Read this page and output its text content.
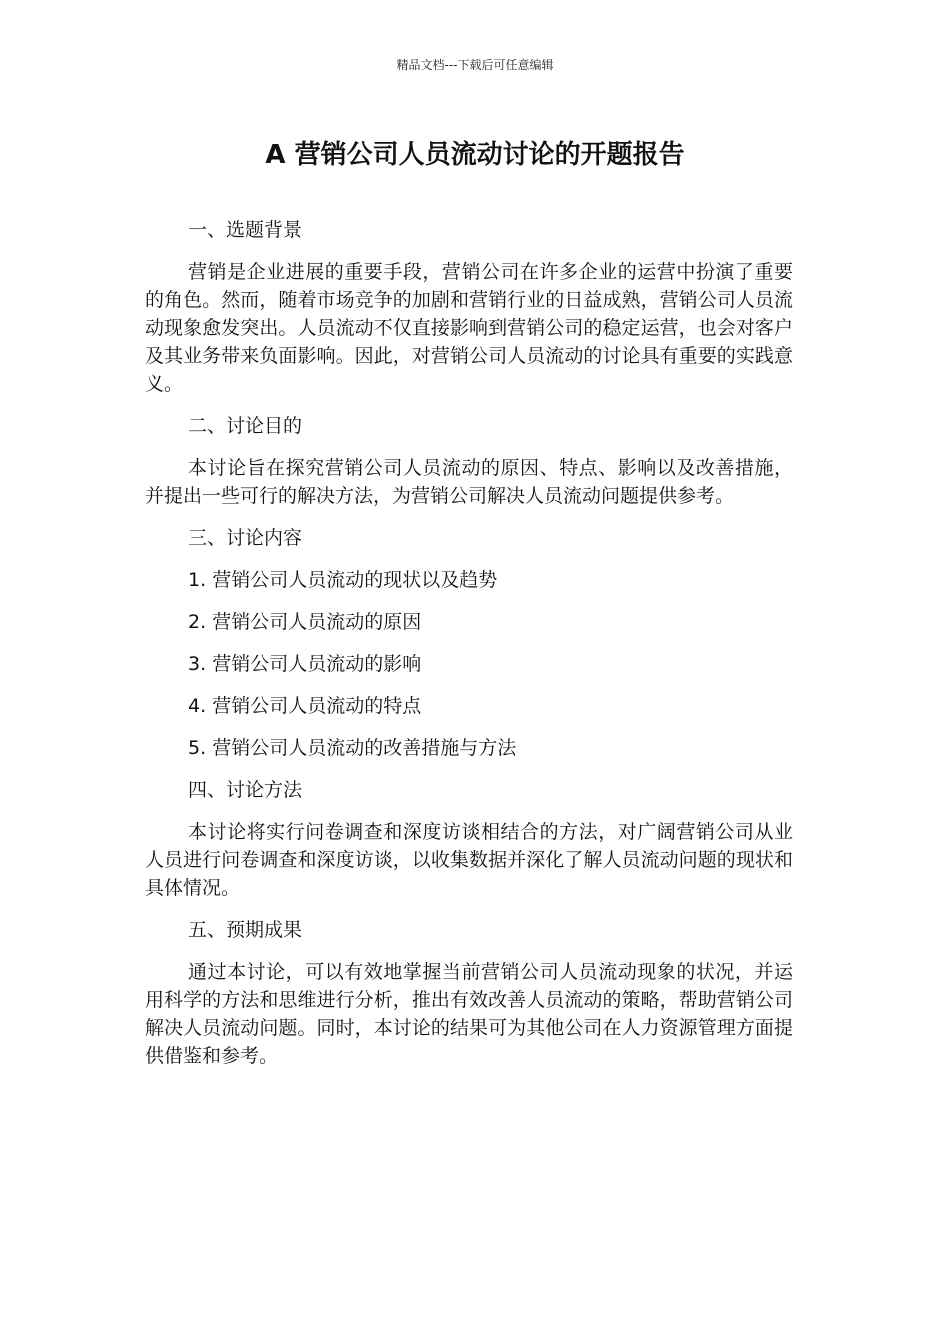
精品文档---下载后可任意编辑
A 营销公司人员流动讨论的开题报告
一、选题背景

营销是企业进展的重要手段，营销公司在许多企业的运营中扮演了重要的角色。然而，随着市场竞争的加剧和营销行业的日益成熟，营销公司人员流动现象愈发突出。人员流动不仅直接影响到营销公司的稳定运营，也会对客户及其业务带来负面影响。因此，对营销公司人员流动的讨论具有重要的实践意义。

二、讨论目的

本讨论旨在探究营销公司人员流动的原因、特点、影响以及改善措施，并提出一些可行的解决方法，为营销公司解决人员流动问题提供参考。

三、讨论内容
1. 营销公司人员流动的现状以及趋势
2. 营销公司人员流动的原因
3. 营销公司人员流动的影响
4. 营销公司人员流动的特点
5. 营销公司人员流动的改善措施与方法
四、讨论方法

本讨论将实行问卷调查和深度访谈相结合的方法，对广阔营销公司从业人员进行问卷调查和深度访谈，以收集数据并深化了解人员流动问题的现状和具体情况。

五、预期成果

通过本讨论，可以有效地掌握当前营销公司人员流动现象的状况，并运用科学的方法和思维进行分析，推出有效改善人员流动的策略，帮助营销公司解决人员流动问题。同时，本讨论的结果可为其他公司在人力资源管理方面提供借鉴和参考。
